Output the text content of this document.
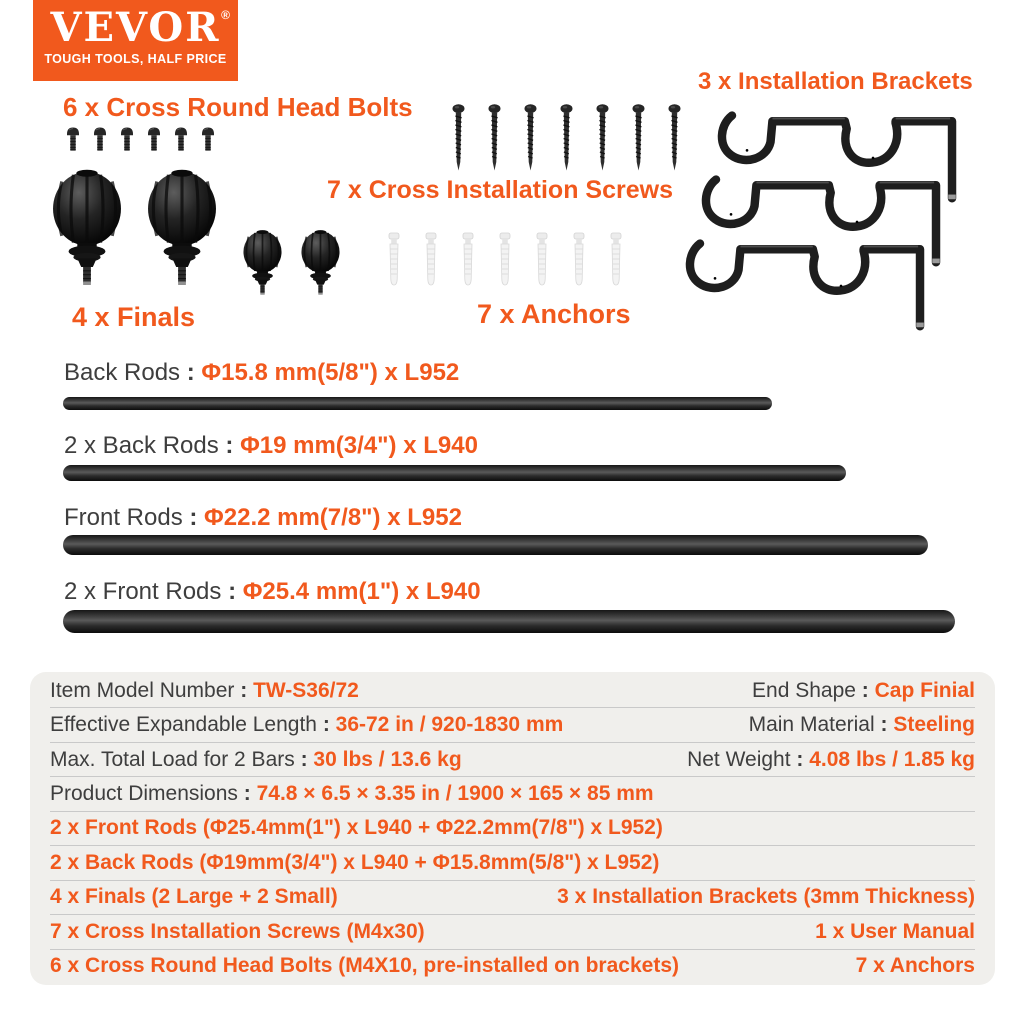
VEVOR ®
TOUGH TOOLS, HALF PRICE
6 x Cross Round Head Bolts
7 x Cross Installation Screws
3 x Installation Brackets
4 x Finals	7 x Anchors
Back Rods : Φ15.8 mm(5/8") x L952
2 x Back Rods : Φ19 mm(3/4") x L940
Front Rods : Φ22.2 mm(7/8") x L952
2 x Front Rods : Φ25.4 mm(1") x L940
Item Model Number : TW-S36/72	End Shape : Cap Finial
Effective Expandable Length : 36-72 in / 920-1830 mm	Main Material : Steeling
Max. Total Load for 2 Bars : 30 lbs / 13.6 kg	Net Weight : 4.08 lbs / 1.85 kg
Product Dimensions : 74.8 × 6.5 × 3.35 in / 1900 × 165 × 85 mm
2 x Front Rods (Φ25.4mm(1") x L940 + Φ22.2mm(7/8") x L952)
2 x Back Rods (Φ19mm(3/4") x L940 + Φ15.8mm(5/8") x L952)
4 x Finals (2 Large + 2 Small)	3 x Installation Brackets (3mm Thickness)
7 x Cross Installation Screws (M4x30)	1 x User Manual
6 x Cross Round Head Bolts (M4X10, pre-installed on brackets)	7 x Anchors
